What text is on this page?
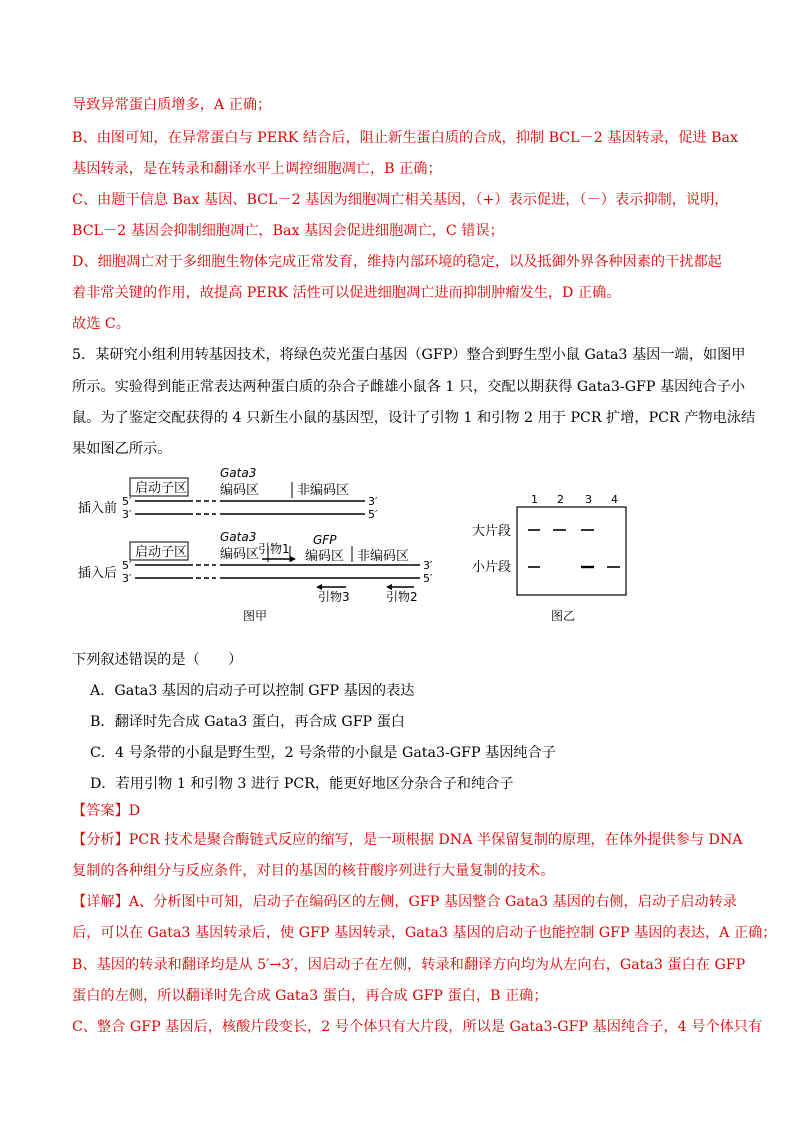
导致异常蛋白质增多，A 正确；
B、由图可知，在异常蛋白与 PERK 结合后，阻止新生蛋白质的合成，抑制 BCL－2 基因转录，促进 Bax
基因转录，是在转录和翻译水平上调控细胞凋亡，B 正确；
C、由题干信息 Bax 基因、BCL－2 基因为细胞凋亡相关基因，（+）表示促进，（－）表示抑制，说明，
BCL－2 基因会抑制细胞凋亡，Bax 基因会促进细胞凋亡，C 错误；
D、细胞凋亡对于多细胞生物体完成正常发育，维持内部环境的稳定，以及抵御外界各种因素的干扰都起
着非常关键的作用，故提高 PERK 活性可以促进细胞凋亡进而抑制肿瘤发生，D 正确。
故选 C。
5．某研究小组利用转基因技术，将绿色荧光蛋白基因（GFP）整合到野生型小鼠 Gata3 基因一端，如图甲
所示。实验得到能正常表达两种蛋白质的杂合子雌雄小鼠各 1 只，交配以期获得 Gata3-GFP 基因纯合子小
鼠。为了鉴定交配获得的 4 只新生小鼠的基因型，设计了引物 1 和引物 2 用于 PCR 扩增，PCR 产物电泳结
果如图乙所示。
插入前
启动子区
Gata3
编码区	非编码区
5′
3′
3′
5′
插入后
启动子区
Gata3
编码区
引物1
GFP
编码区 非编码区
5′
3′
3′
5′
引物3	引物2
图甲
1 2 3 4
大片段
小片段
图乙
下列叙述错误的是（　　）
A．Gata3 基因的启动子可以控制 GFP 基因的表达
B．翻译时先合成 Gata3 蛋白，再合成 GFP 蛋白
C．4 号条带的小鼠是野生型，2 号条带的小鼠是 Gata3-GFP 基因纯合子
D．若用引物 1 和引物 3 进行 PCR，能更好地区分杂合子和纯合子
【答案】D
【分析】PCR 技术是聚合酶链式反应的缩写，是一项根据 DNA 半保留复制的原理，在体外提供参与 DNA
复制的各种组分与反应条件，对目的基因的核苷酸序列进行大量复制的技术。
【详解】A、分析图中可知，启动子在编码区的左侧，GFP 基因整合 Gata3 基因的右侧，启动子启动转录
后，可以在 Gata3 基因转录后，使 GFP 基因转录，Gata3 基因的启动子也能控制 GFP 基因的表达，A 正确；
B、基因的转录和翻译均是从 5′→3′，因启动子在左侧，转录和翻译方向均为从左向右，Gata3 蛋白在 GFP
蛋白的左侧，所以翻译时先合成 Gata3 蛋白，再合成 GFP 蛋白，B 正确；
C、整合 GFP 基因后，核酸片段变长，2 号个体只有大片段，所以是 Gata3-GFP 基因纯合子，4 号个体只有
